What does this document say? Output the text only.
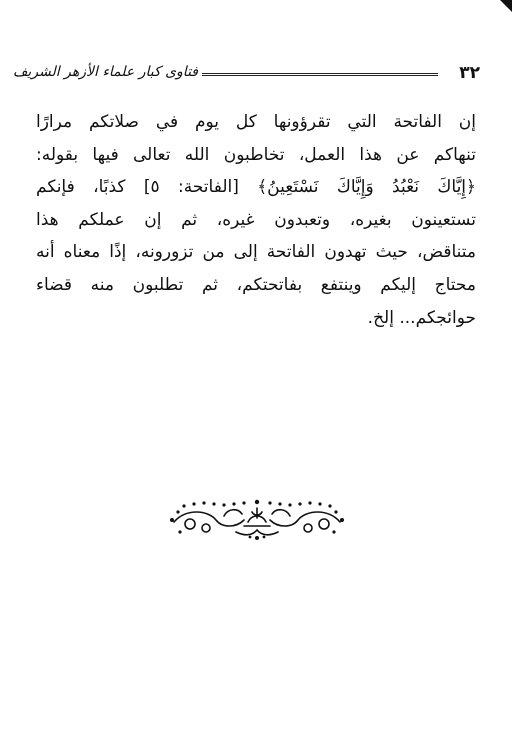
٣٢
فتاوى كبار علماء الأزهر الشريف
إن الفاتحة التي تقرؤونها كل يوم في صلاتكم مرارًا
تنهاكم عن هذا العمل، تخاطبون الله تعالى فيها بقوله:
﴿إِيَّاكَ نَعْبُدُ وَإِيَّاكَ نَسْتَعِينُ﴾ [الفاتحة: ٥] كذبًا، فإنكم
تستعينون بغيره، وتعبدون غيره، ثم إن عملكم هذا
متناقض، حيث تهدون الفاتحة إلى من تزورونه، إذًا معناه أنه
محتاج إليكم وينتفع بفاتحتكم، ثم تطلبون منه قضاء
حوائجكم... إلخ.
